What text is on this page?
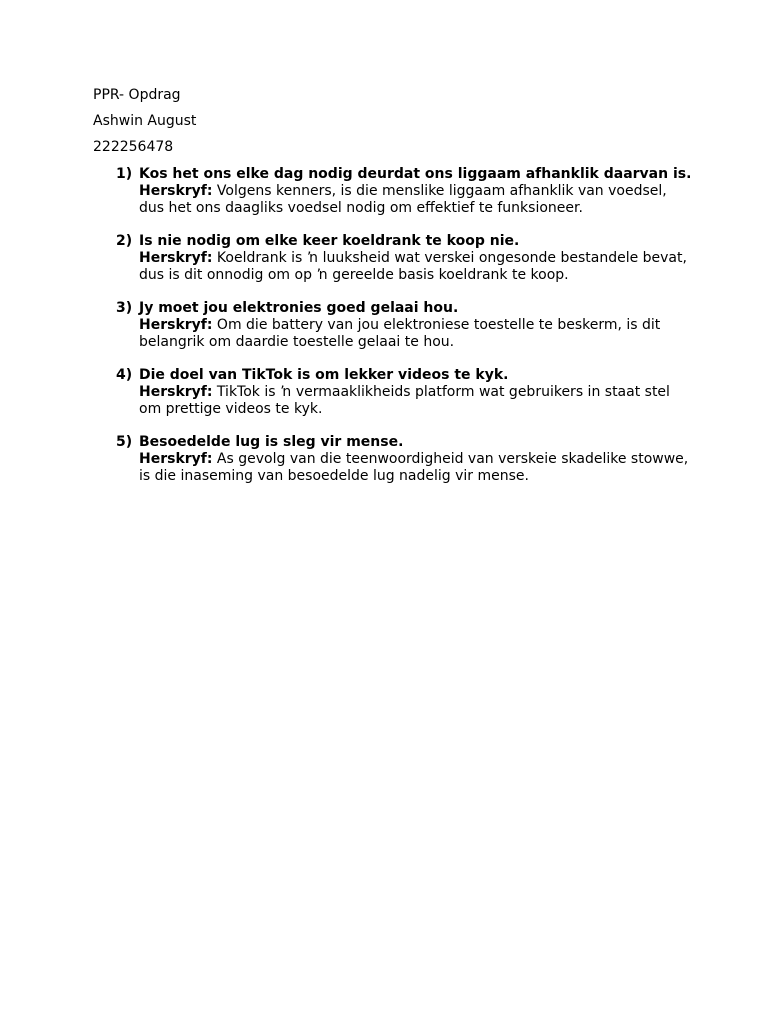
PPR- Opdrag
Ashwin August
222256478
1) Kos het ons elke dag nodig deurdat ons liggaam afhanklik daarvan is.
Herskryf: Volgens kenners, is die menslike liggaam afhanklik van voedsel, dus het ons daagliks voedsel nodig om effektief te funksioneer.
2) Is nie nodig om elke keer koeldrank te koop nie.
Herskryf: Koeldrank is ŉ luuksheid wat verskei ongesonde bestandele bevat, dus is dit onnodig om op ŉ gereelde basis koeldrank te koop.
3) Jy moet jou elektronies goed gelaai hou.
Herskryf: Om die battery van jou elektroniese toestelle te beskerm, is dit belangrik om daardie toestelle gelaai te hou.
4) Die doel van TikTok is om lekker videos te kyk.
Herskryf: TikTok is ŉ vermaaklikheids platform wat gebruikers in staat stel om prettige videos te kyk.
5) Besoedelde lug is sleg vir mense.
Herskryf: As gevolg van die teenwoordigheid van verskeie skadelike stowwe, is die inaseming van besoedelde lug nadelig vir mense.
